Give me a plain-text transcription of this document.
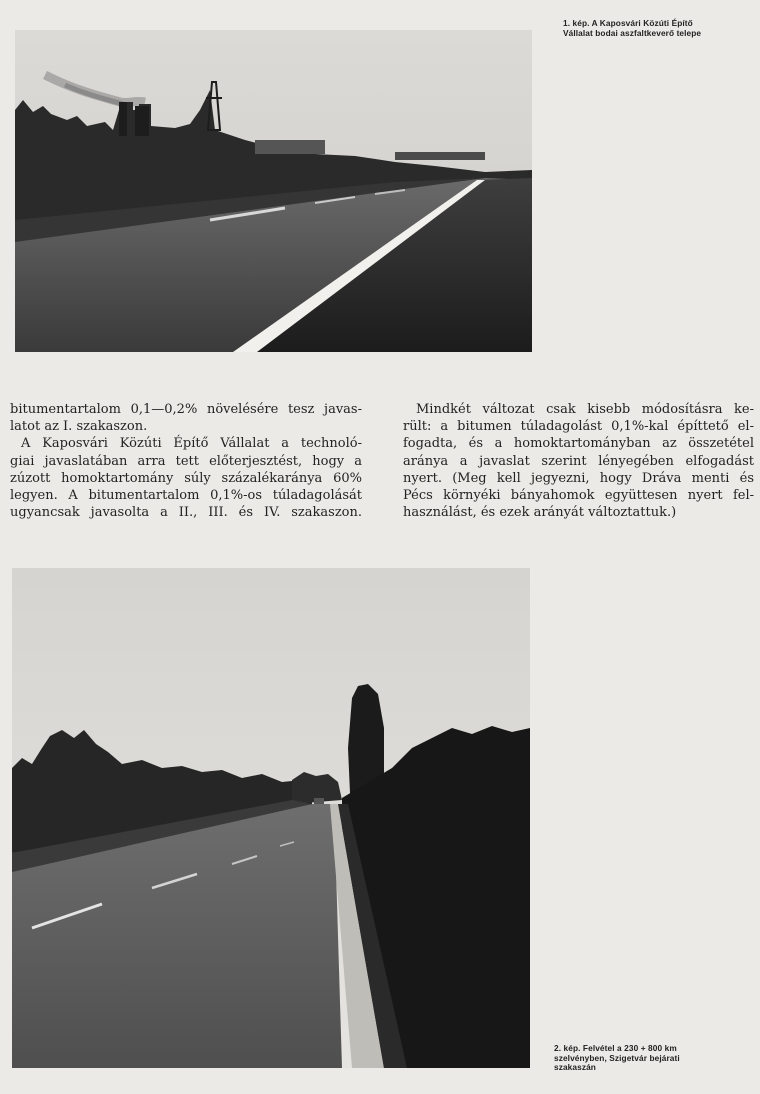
1. kép. A Kaposvári Közúti Építő
Vállalat bodai aszfaltkeverő telepe

bitumentartalom 0,1—0,2% növelésére tesz javas-
latot az I. szakaszon.

A Kaposvári Közúti Építő Vállalat a technoló-
giai javaslatában arra tett előterjesztést, hogy a
zúzott homoktartomány súly százalékaránya 60%
legyen. A bitumentartalom 0,1%-os túladagolását
ugyancsak javasolta a II., III. és IV. szakaszon.

Mindkét változat csak kisebb módosításra ke-
rült: a bitumen túladagolást 0,1%-kal építtető el-
fogadta, és a homoktartományban az összetétel
aránya a javaslat szerint lényegében elfogadást
nyert. (Meg kell jegyezni, hogy Dráva menti és
Pécs környéki bányahomok együttesen nyert fel-
használást, és ezek arányát változtattuk.)

2. kép. Felvétel a 230 + 800 km
szelvényben, Szigetvár bejárati
szakaszán
